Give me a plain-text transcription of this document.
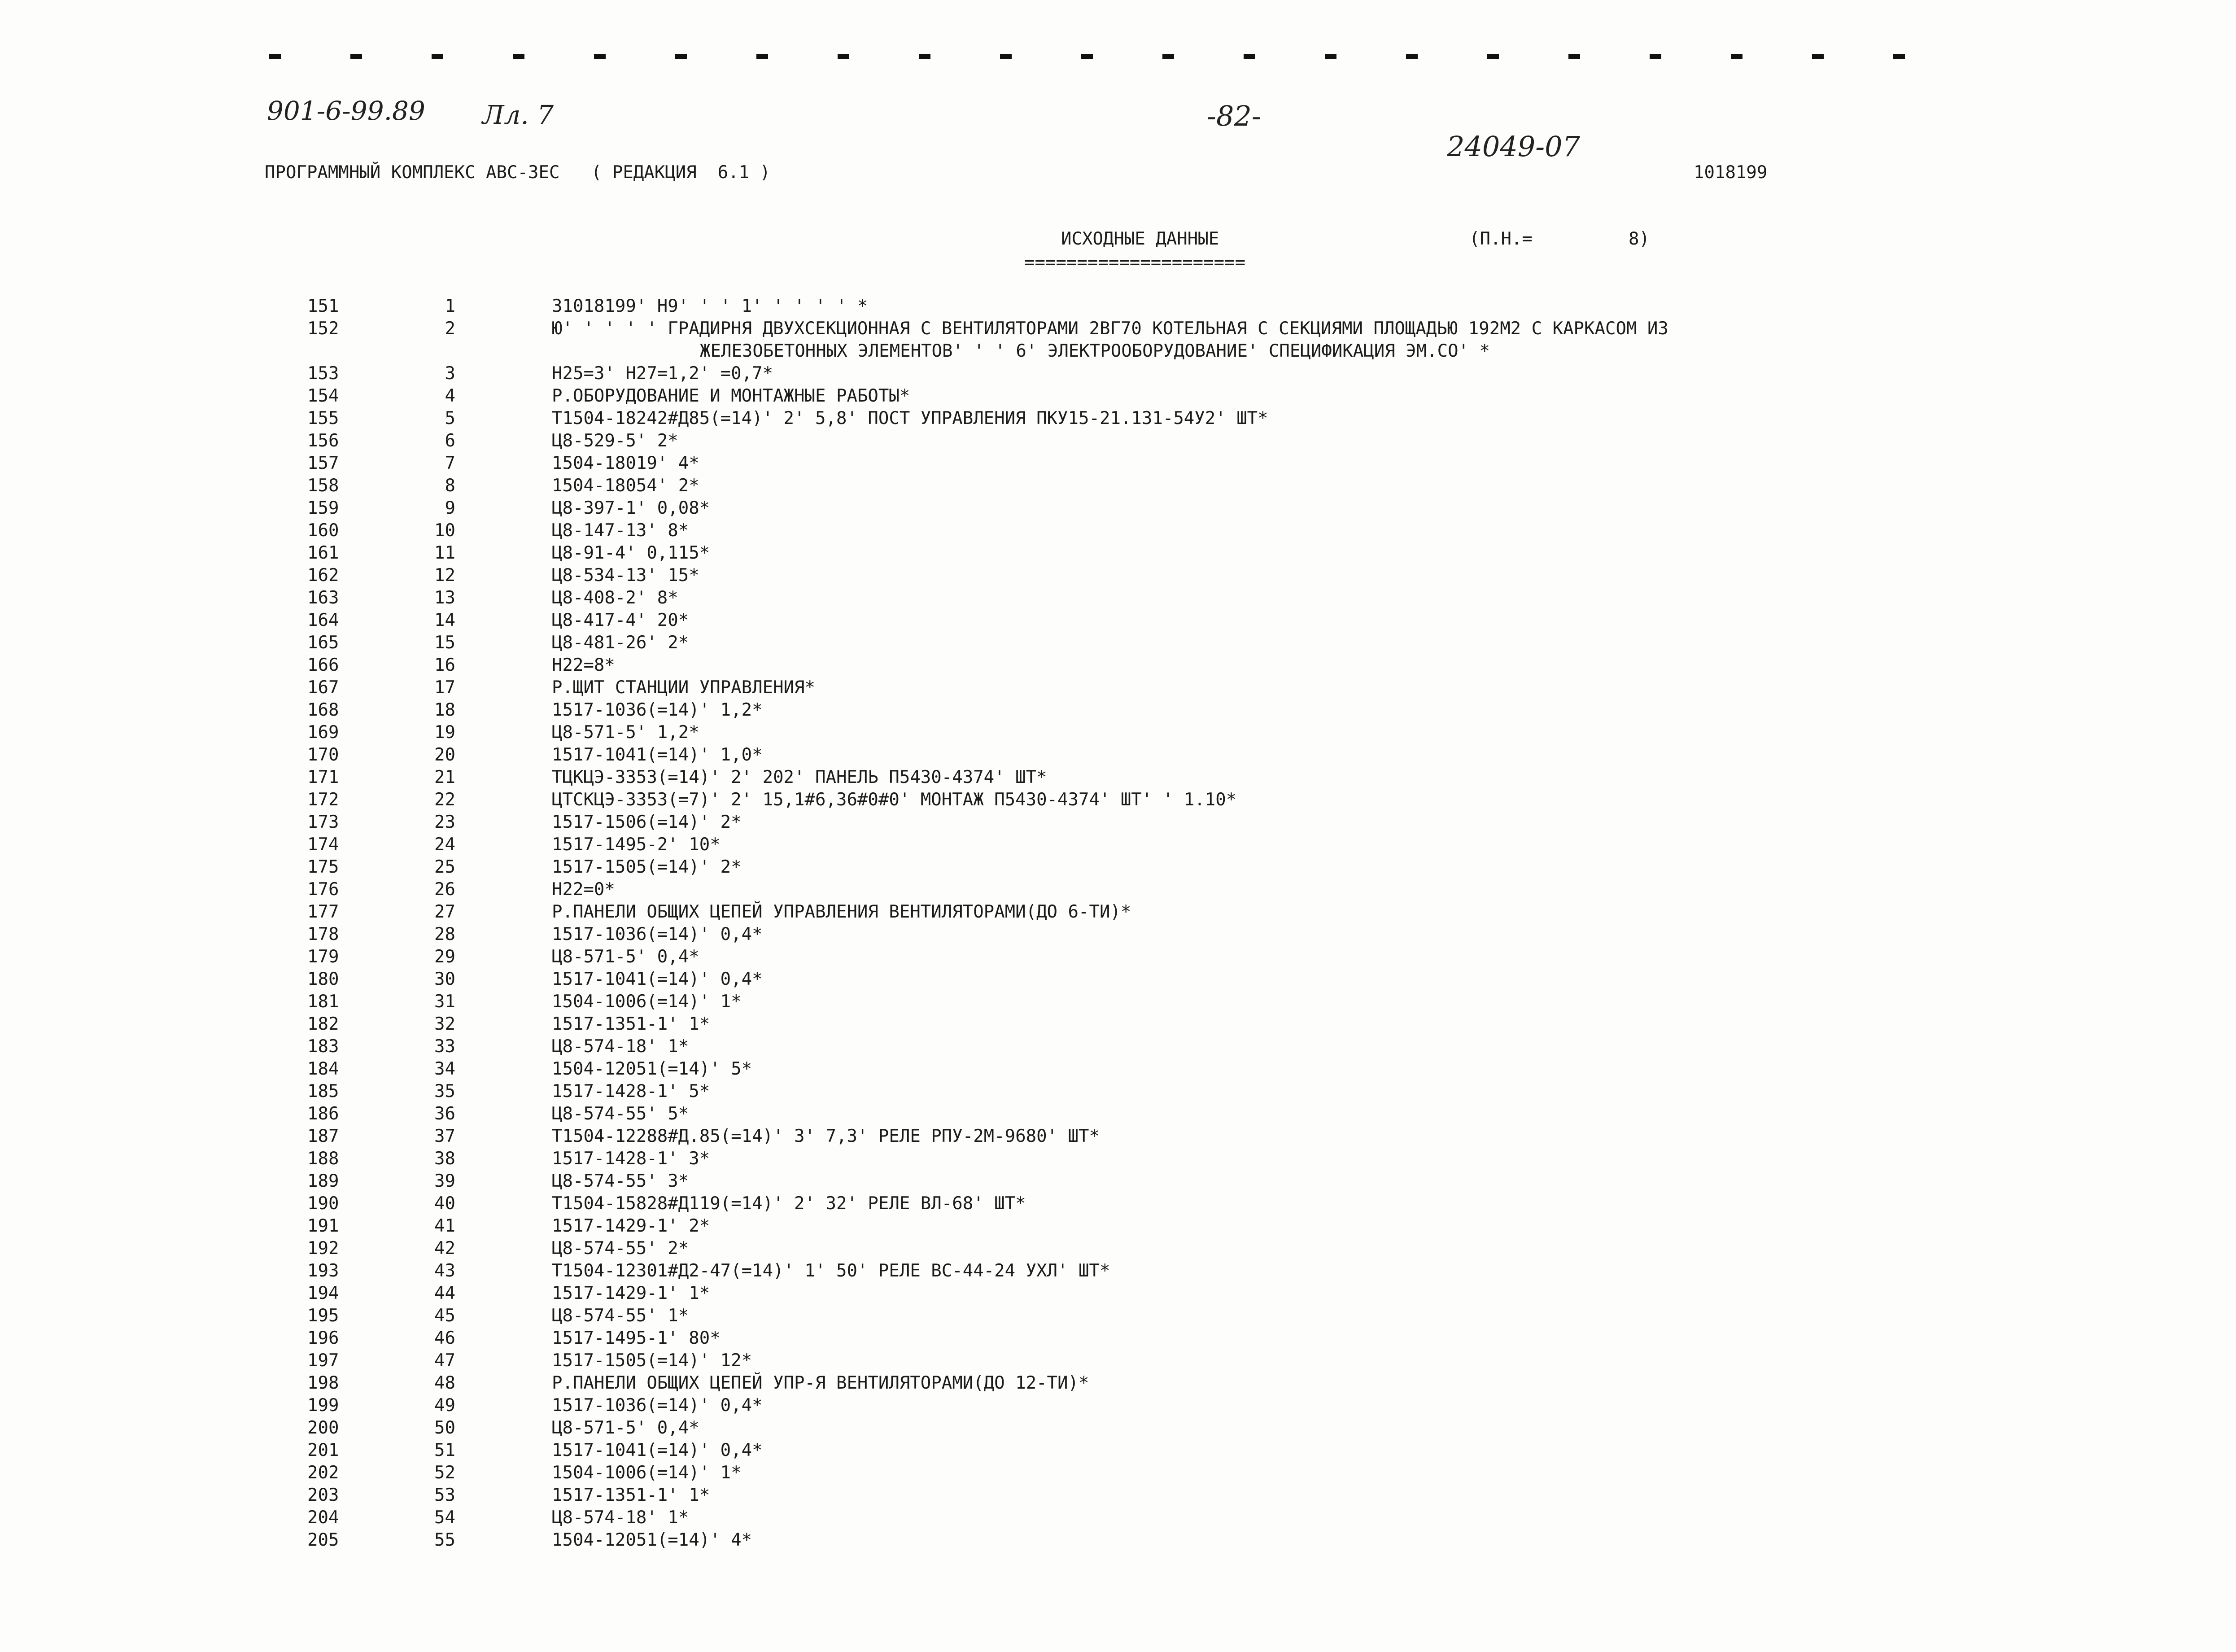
901-6-99.89 Лл. 7	-82-
24049-07
ПРОГРАММНЫЙ КОМПЛЕКС АВС-3ЕС   ( РЕДАКЦИЯ  6.1 )	1018199
ИСХОДНЫЕ ДАННЫЕ
=====================
(П.Н.=	8)
151	1	31018199' Н9' ' ' 1' ' ' ' ' *
152	2	Ю' ' ' ' ' ГРАДИРНЯ ДВУХСЕКЦИОННАЯ С ВЕНТИЛЯТОРАМИ 2ВГ70 КОТЕЛЬНАЯ С СЕКЦИЯМИ ПЛОЩАДЬЮ 192М2 С КАРКАСОМ ИЗ
ЖЕЛЕЗОБЕТОННЫХ ЭЛЕМЕНТОВ' ' ' 6' ЭЛЕКТРООБОРУДОВАНИЕ' СПЕЦИФИКАЦИЯ ЭМ.СО' *
153	3	Н25=3' Н27=1,2' =0,7*
154	4	Р.ОБОРУДОВАНИЕ И МОНТАЖНЫЕ РАБОТЫ*
155	5	Т1504-18242#Д85(=14)' 2' 5,8' ПОСТ УПРАВЛЕНИЯ ПКУ15-21.131-54У2' ШТ*
156	6	Ц8-529-5' 2*
157	7	1504-18019' 4*
158	8	1504-18054' 2*
159	9	Ц8-397-1' 0,08*
160	10	Ц8-147-13' 8*
161	11	Ц8-91-4' 0,115*
162	12	Ц8-534-13' 15*
163	13	Ц8-408-2' 8*
164	14	Ц8-417-4' 20*
165	15	Ц8-481-26' 2*
166	16	Н22=8*
167	17	Р.ЩИТ СТАНЦИИ УПРАВЛЕНИЯ*
168	18	1517-1036(=14)' 1,2*
169	19	Ц8-571-5' 1,2*
170	20	1517-1041(=14)' 1,0*
171	21	ТЦКЦЭ-3353(=14)' 2' 202' ПАНЕЛЬ П5430-4374' ШТ*
172	22	ЦТСКЦЭ-3353(=7)' 2' 15,1#6,36#0#0' МОНТАЖ П5430-4374' ШТ' ' 1.10*
173	23	1517-1506(=14)' 2*
174	24	1517-1495-2' 10*
175	25	1517-1505(=14)' 2*
176	26	Н22=0*
177	27	Р.ПАНЕЛИ ОБЩИХ ЦЕПЕЙ УПРАВЛЕНИЯ ВЕНТИЛЯТОРАМИ(ДО 6-ТИ)*
178	28	1517-1036(=14)' 0,4*
179	29	Ц8-571-5' 0,4*
180	30	1517-1041(=14)' 0,4*
181	31	1504-1006(=14)' 1*
182	32	1517-1351-1' 1*
183	33	Ц8-574-18' 1*
184	34	1504-12051(=14)' 5*
185	35	1517-1428-1' 5*
186	36	Ц8-574-55' 5*
187	37	Т1504-12288#Д.85(=14)' 3' 7,3' РЕЛЕ РПУ-2М-9680' ШТ*
188	38	1517-1428-1' 3*
189	39	Ц8-574-55' 3*
190	40	Т1504-15828#Д119(=14)' 2' 32' РЕЛЕ ВЛ-68' ШТ*
191	41	1517-1429-1' 2*
192	42	Ц8-574-55' 2*
193	43	Т1504-12301#Д2-47(=14)' 1' 50' РЕЛЕ ВС-44-24 УХЛ' ШТ*
194	44	1517-1429-1' 1*
195	45	Ц8-574-55' 1*
196	46	1517-1495-1' 80*
197	47	1517-1505(=14)' 12*
198	48	Р.ПАНЕЛИ ОБЩИХ ЦЕПЕЙ УПР-Я ВЕНТИЛЯТОРАМИ(ДО 12-ТИ)*
199	49	1517-1036(=14)' 0,4*
200	50	Ц8-571-5' 0,4*
201	51	1517-1041(=14)' 0,4*
202	52	1504-1006(=14)' 1*
203	53	1517-1351-1' 1*
204	54	Ц8-574-18' 1*
205	55	1504-12051(=14)' 4*
